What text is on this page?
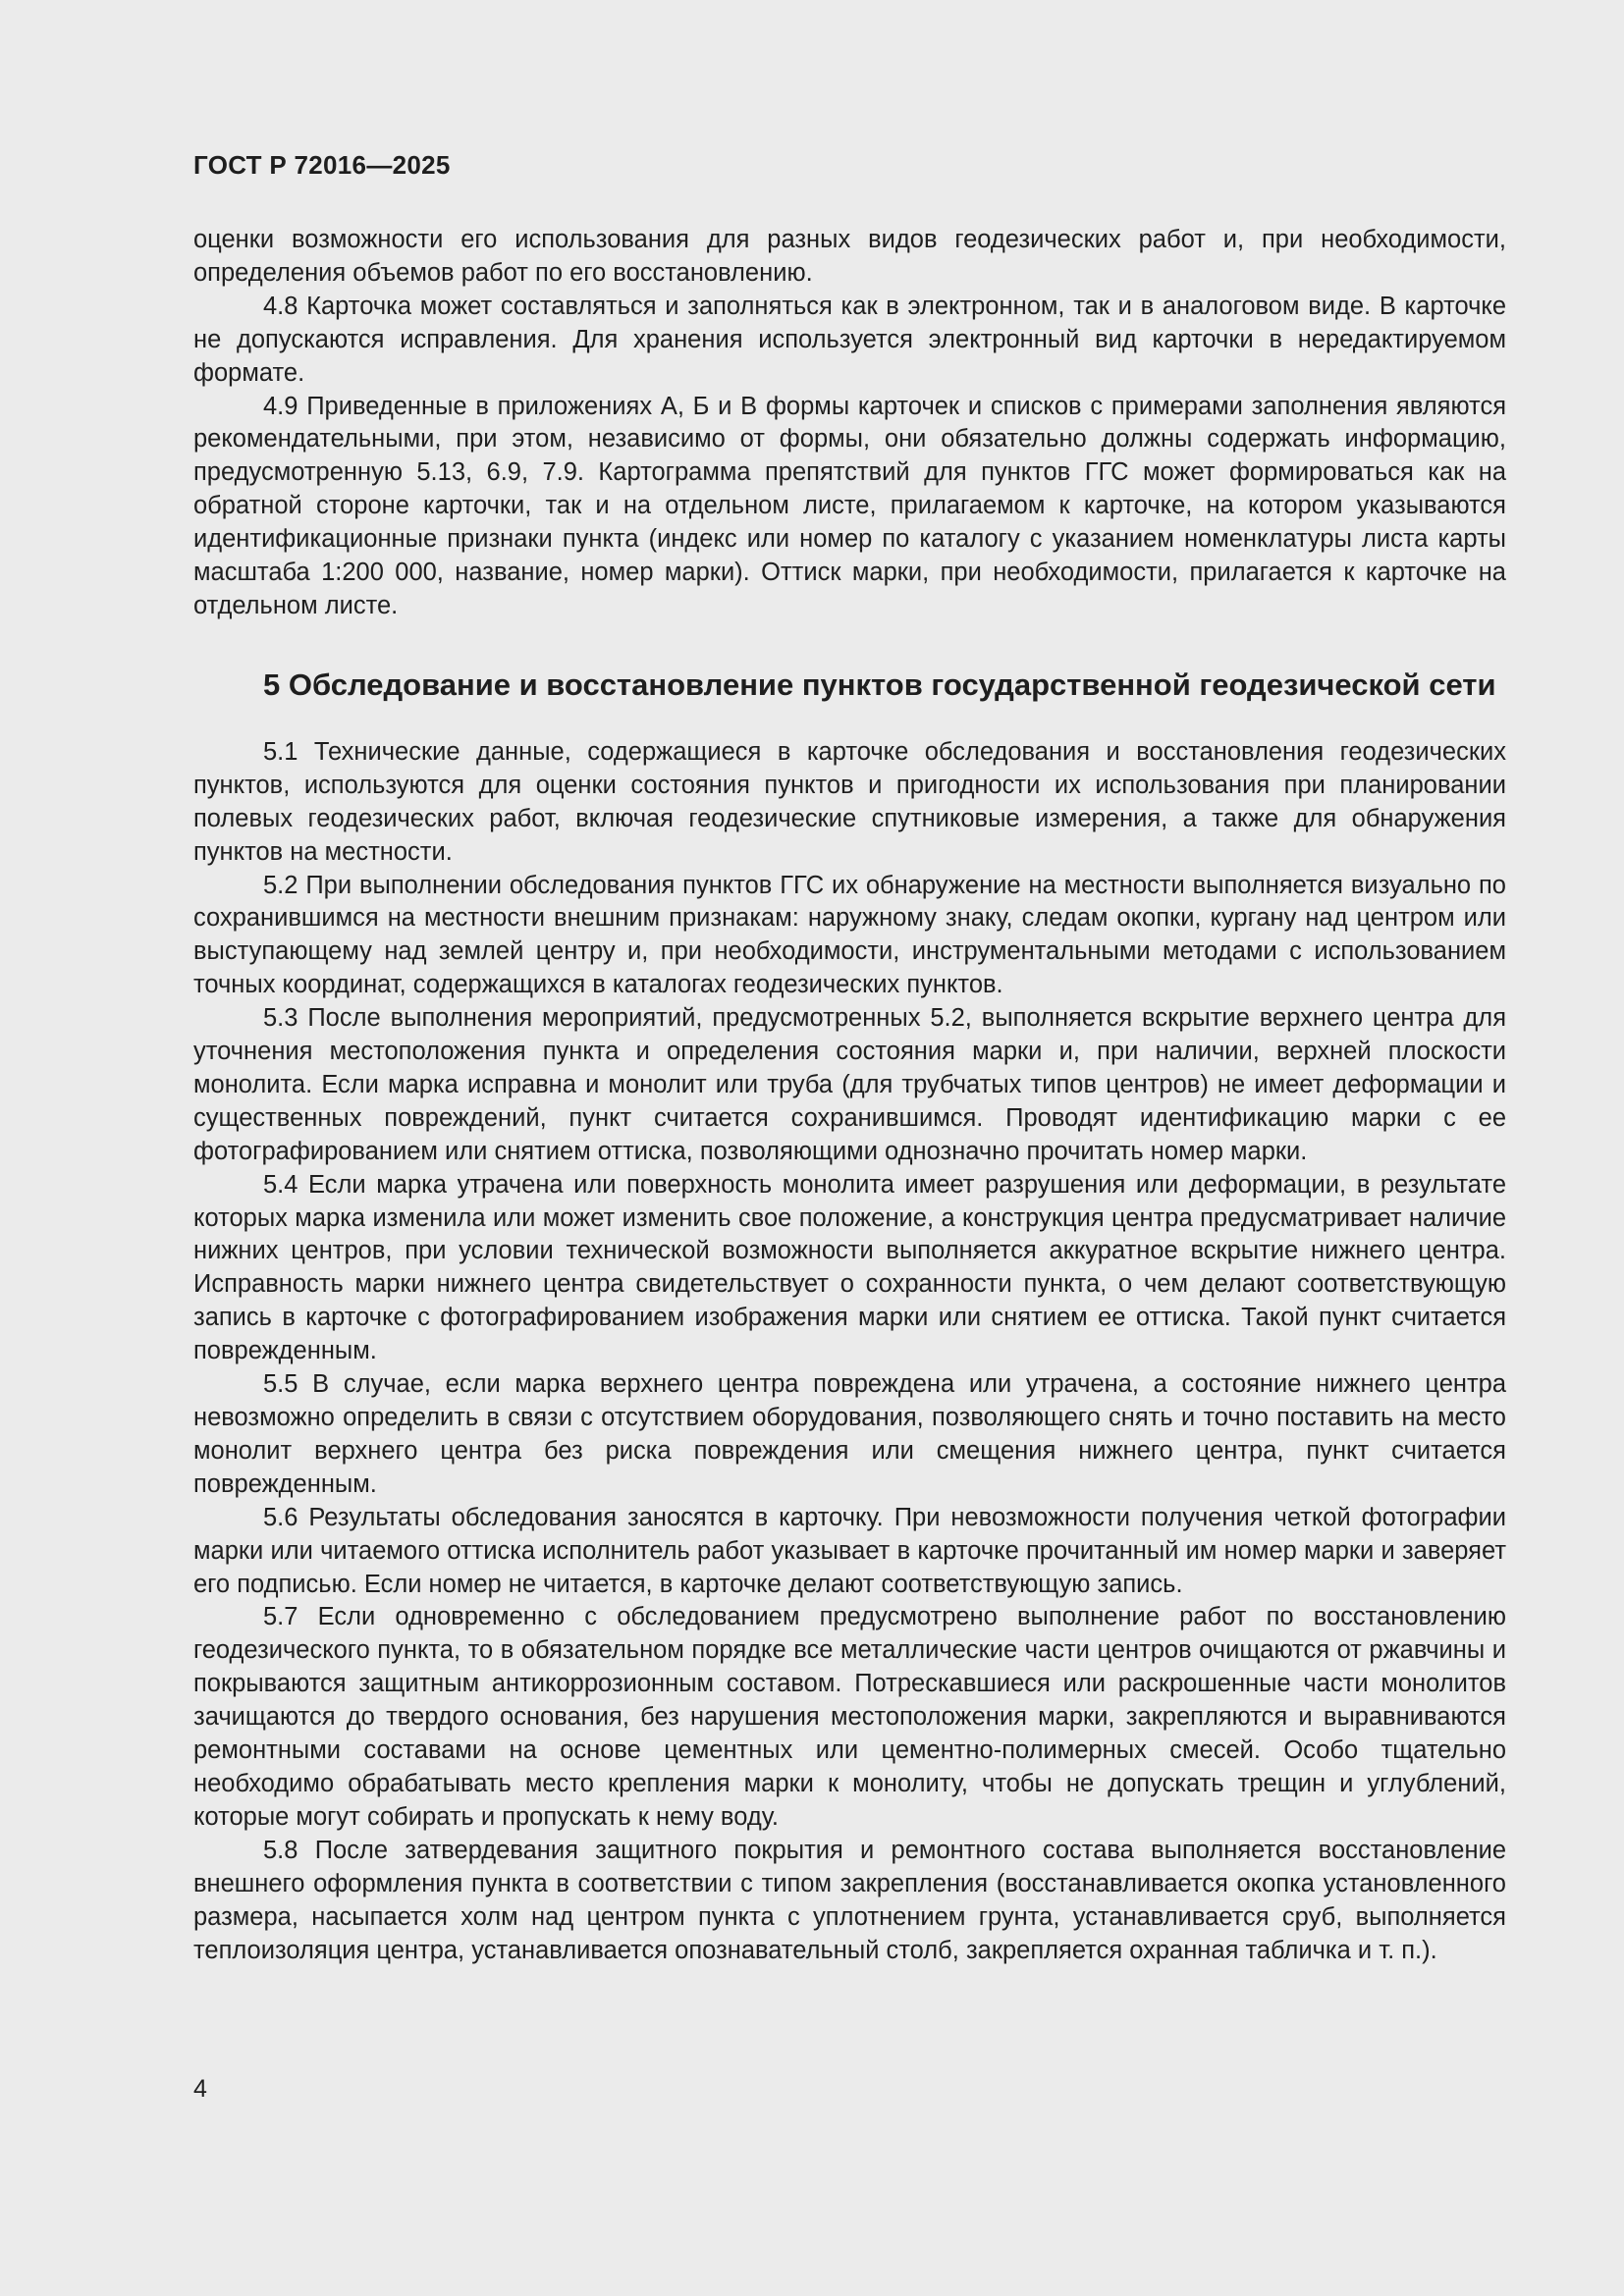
ГОСТ Р 72016—2025

оценки возможности его использования для разных видов геодезических работ и, при необходимости, определения объемов работ по его восстановлению.

4.8 Карточка может составляться и заполняться как в электронном, так и в аналоговом виде. В карточке не допускаются исправления. Для хранения используется электронный вид карточки в нередактируемом формате.

4.9 Приведенные в приложениях А, Б и В формы карточек и списков с примерами заполнения являются рекомендательными, при этом, независимо от формы, они обязательно должны содержать информацию, предусмотренную 5.13, 6.9, 7.9. Картограмма препятствий для пунктов ГГС может формироваться как на обратной стороне карточки, так и на отдельном листе, прилагаемом к карточке, на котором указываются идентификационные признаки пункта (индекс или номер по каталогу с указанием номенклатуры листа карты масштаба 1:200 000, название, номер марки). Оттиск марки, при необходимости, прилагается к карточке на отдельном листе.

5 Обследование и восстановление пунктов государственной геодезической сети

5.1 Технические данные, содержащиеся в карточке обследования и восстановления геодезических пунктов, используются для оценки состояния пунктов и пригодности их использования при планировании полевых геодезических работ, включая геодезические спутниковые измерения, а также для обнаружения пунктов на местности.

5.2 При выполнении обследования пунктов ГГС их обнаружение на местности выполняется визуально по сохранившимся на местности внешним признакам: наружному знаку, следам окопки, кургану над центром или выступающему над землей центру и, при необходимости, инструментальными методами с использованием точных координат, содержащихся в каталогах геодезических пунктов.

5.3 После выполнения мероприятий, предусмотренных 5.2, выполняется вскрытие верхнего центра для уточнения местоположения пункта и определения состояния марки и, при наличии, верхней плоскости монолита. Если марка исправна и монолит или труба (для трубчатых типов центров) не имеет деформации и существенных повреждений, пункт считается сохранившимся. Проводят идентификацию марки с ее фотографированием или снятием оттиска, позволяющими однозначно прочитать номер марки.

5.4 Если марка утрачена или поверхность монолита имеет разрушения или деформации, в результате которых марка изменила или может изменить свое положение, а конструкция центра предусматривает наличие нижних центров, при условии технической возможности выполняется аккуратное вскрытие нижнего центра. Исправность марки нижнего центра свидетельствует о сохранности пункта, о чем делают соответствующую запись в карточке с фотографированием изображения марки или снятием ее оттиска. Такой пункт считается поврежденным.

5.5 В случае, если марка верхнего центра повреждена или утрачена, а состояние нижнего центра невозможно определить в связи с отсутствием оборудования, позволяющего снять и точно поставить на место монолит верхнего центра без риска повреждения или смещения нижнего центра, пункт считается поврежденным.

5.6 Результаты обследования заносятся в карточку. При невозможности получения четкой фотографии марки или читаемого оттиска исполнитель работ указывает в карточке прочитанный им номер марки и заверяет его подписью. Если номер не читается, в карточке делают соответствующую запись.

5.7 Если одновременно с обследованием предусмотрено выполнение работ по восстановлению геодезического пункта, то в обязательном порядке все металлические части центров очищаются от ржавчины и покрываются защитным антикоррозионным составом. Потрескавшиеся или раскрошенные части монолитов зачищаются до твердого основания, без нарушения местоположения марки, закрепляются и выравниваются ремонтными составами на основе цементных или цементно-полимерных смесей. Особо тщательно необходимо обрабатывать место крепления марки к монолиту, чтобы не допускать трещин и углублений, которые могут собирать и пропускать к нему воду.

5.8 После затвердевания защитного покрытия и ремонтного состава выполняется восстановление внешнего оформления пункта в соответствии с типом закрепления (восстанавливается окопка установленного размера, насыпается холм над центром пункта с уплотнением грунта, устанавливается сруб, выполняется теплоизоляция центра, устанавливается опознавательный столб, закрепляется охранная табличка и т. п.).

4
